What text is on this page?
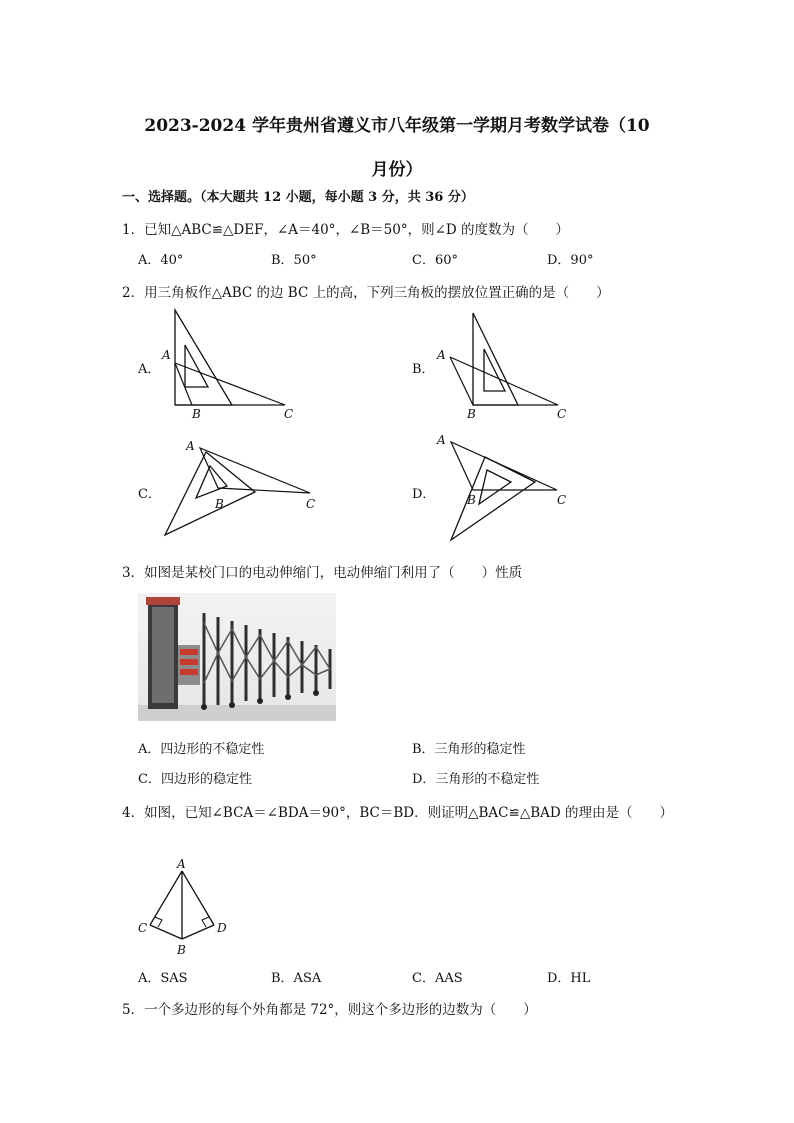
2023-2024 学年贵州省遵义市八年级第一学期月考数学试卷（10
月份）
一、选择题。（本大题共 12 小题，每小题 3 分，共 36 分）
1．已知△ABC≌△DEF，∠A＝40°，∠B＝50°，则∠D 的度数为（　　）
A．40°	B．50°	C．60°	D．90°
2．用三角板作△ABC 的边 BC 上的高，下列三角板的摆放位置正确的是（　　）
A．
A
B	C
B．
A
B	C
C．
A
B	C
D．
A
B	C
3．如图是某校门口的电动伸缩门，电动伸缩门利用了（　　）性质
A．四边形的不稳定性	B．三角形的稳定性
C．四边形的稳定性	D．三角形的不稳定性
4．如图，已知∠BCA＝∠BDA＝90°，BC＝BD．则证明△BAC≌△BAD 的理由是（　　）
A
C	D
B
A．SAS	B．ASA	C．AAS	D．HL
5．一个多边形的每个外角都是 72°，则这个多边形的边数为（　　）
